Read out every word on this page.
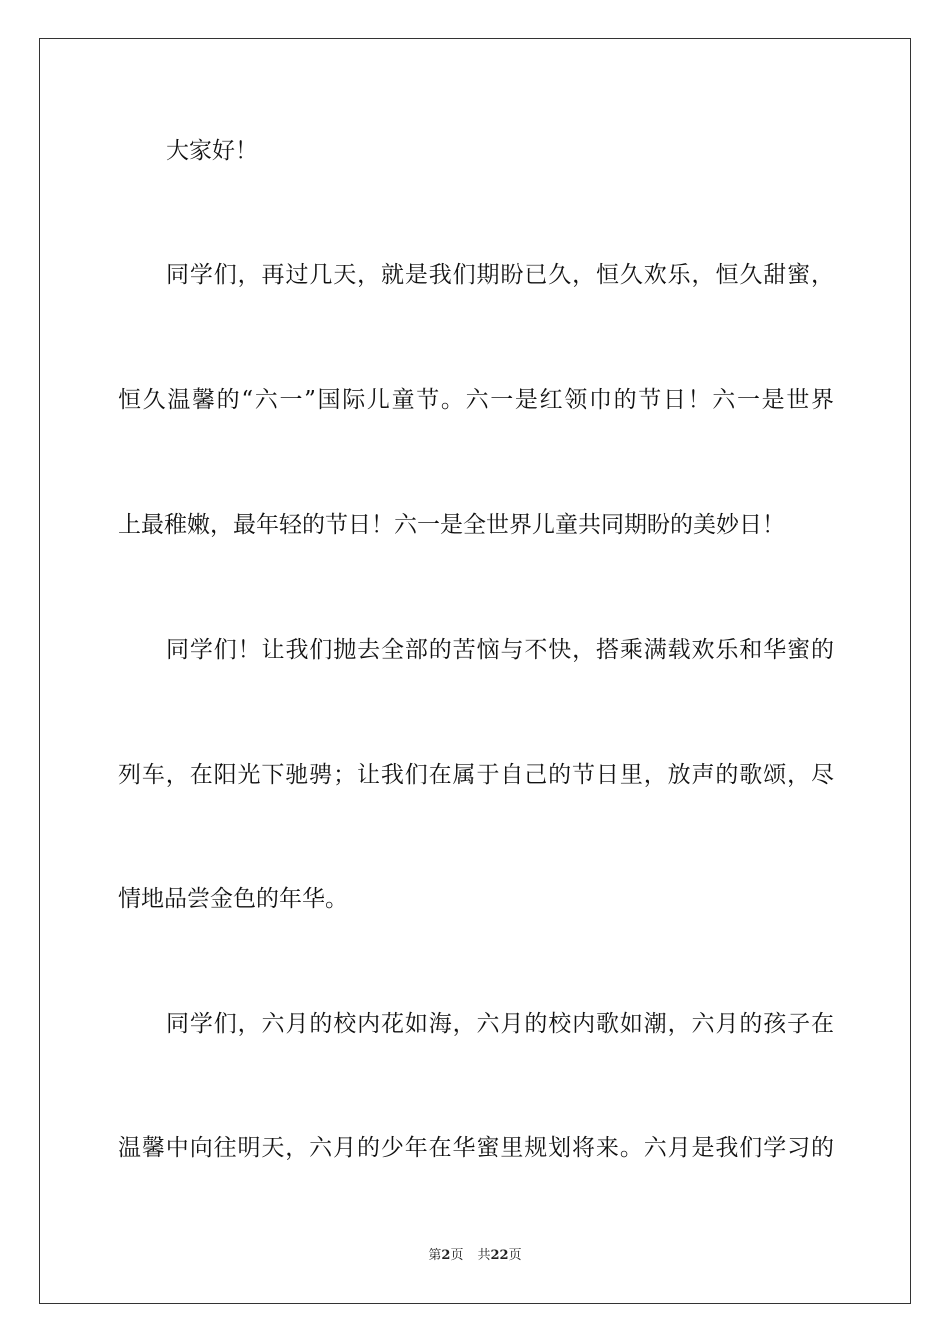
大家好！
同学们，再过几天，就是我们期盼已久，恒久欢乐，恒久甜蜜，
恒久温馨的“六一”国际儿童节。六一是红领巾的节日！六一是世界
上最稚嫩，最年轻的节日！六一是全世界儿童共同期盼的美妙日！
同学们！让我们抛去全部的苦恼与不快，搭乘满载欢乐和华蜜的
列车，在阳光下驰骋；让我们在属于自己的节日里，放声的歌颂，尽
情地品尝金色的年华。
同学们，六月的校内花如海，六月的校内歌如潮，六月的孩子在
温馨中向往明天，六月的少年在华蜜里规划将来。六月是我们学习的
第2页 共22页
